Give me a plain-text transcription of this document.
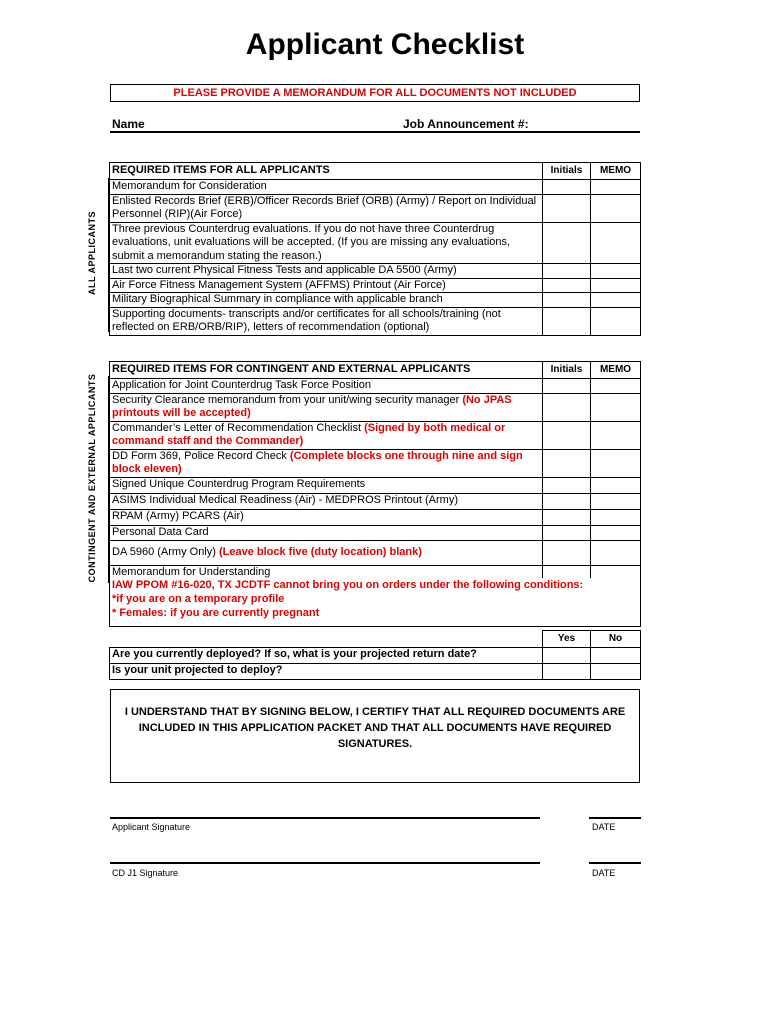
Applicant Checklist
PLEASE PROVIDE A MEMORANDUM FOR ALL DOCUMENTS NOT INCLUDED
Name	Job Announcement #:
ALL APPLICANTS
REQUIRED ITEMS FOR ALL APPLICANTS	Initials	MEMO
Memorandum for Consideration		
Enlisted Records Brief (ERB)/Officer Records Brief (ORB) (Army) / Report on Individual Personnel (RIP)(Air Force)		
Three previous Counterdrug evaluations. If you do not have three Counterdrug evaluations, unit evaluations will be accepted. (If you are missing any evaluations, submit a memorandum stating the reason.)		
Last two current Physical Fitness Tests and applicable DA 5500 (Army)		
Air Force Fitness Management System (AFFMS) Printout (Air Force)		
Military Biographical Summary in compliance with applicable branch		
Supporting documents- transcripts and/or certificates for all schools/training (not reflected on ERB/ORB/RIP), letters of recommendation (optional)		
CONTINGENT AND EXTERNAL APPLICANTS
REQUIRED ITEMS FOR CONTINGENT AND EXTERNAL APPLICANTS	Initials	MEMO
Application for Joint Counterdrug Task Force Position		
Security Clearance memorandum from your unit/wing security manager (No JPAS printouts will be accepted)		
Commander’s Letter of Recommendation Checklist (Signed by both medical or command staff and the Commander)		
DD Form 369, Police Record Check (Complete blocks one through nine and sign block eleven)		
Signed Unique Counterdrug Program Requirements		
ASIMS Individual Medical Readiness (Air) - MEDPROS Printout (Army)		
RPAM (Army) PCARS (Air)		
Personal Data Card		
DA 5960 (Army Only) (Leave block five (duty location) blank)		
Memorandum for Understanding		

IAW PPOM #16-020, TX JCDTF cannot bring you on orders under the following conditions:
*if you are on a temporary profile
* Females: if you are currently pregnant		
	Yes	No
Are you currently deployed? If so, what is your projected return date?		
Is your unit projected to deploy?		
I UNDERSTAND THAT BY SIGNING BELOW, I CERTIFY THAT ALL REQUIRED DOCUMENTS ARE INCLUDED IN THIS APPLICATION PACKET AND THAT ALL DOCUMENTS HAVE REQUIRED SIGNATURES.
Applicant Signature	DATE
CD J1 Signature	DATE
